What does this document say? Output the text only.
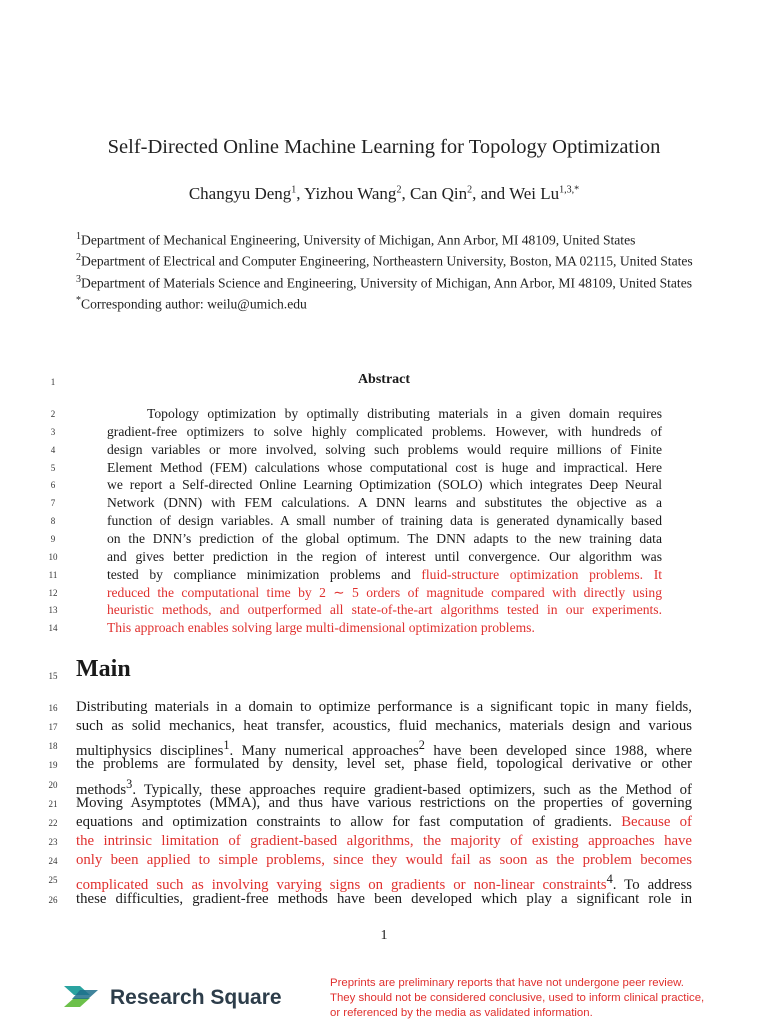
Self-Directed Online Machine Learning for Topology Optimization
Changyu Deng$^1$, Yizhou Wang$^2$, Can Qin$^2$, and Wei $Lu^{1,3,*}$

$^1$Department of Mechanical Engineering, University of Michigan, Ann Arbor, MI 48109, United States

$^2$Department of Electrical and Computer Engineering, Northeastern University, Boston, MA 02115, United States

$^3$Department of Materials Science and Engineering, University of Michigan, Ann Arbor, MI 48109, United States

*Corresponding author: weilu@umich.edu

1	Abstract
2	Topology optimization by optimally distributing materials in a given domain requires
3	gradient-free optimizers to solve highly complicated problems. However, with hundreds of
4	design variables or more involved, solving such problems would require millions of Finite
5	Element Method (FEM) calculations whose computational cost is huge and impractical. Here
6	we report a Self-directed Online Learning Optimization (SOLO) which integrates Deep Neural
7	Network (DNN) with FEM calculations. A DNN learns and substitutes the objective as a
8	function of design variables. A small number of training data is generated dynamically based
9	on the DNN’s prediction of the global optimum. The DNN adapts to the new training data
10	and gives better prediction in the region of interest until convergence. Our algorithm was
11	tested by compliance minimization problems and fluid-structure optimization problems. It
12	reduced the computational time by 2 ∼ 5 orders of magnitude compared with directly using
13	heuristic methods, and outperformed all state-of-the-art algorithms tested in our experiments.
14	This approach enables solving large multi-dimensional optimization problems.
15 Main
16	Distributing materials in a domain to optimize performance is a significant topic in many fields,
17	such as solid mechanics, heat transfer, acoustics, fluid mechanics, materials design and various
18	multiphysics disciplines$^1$. Many numerical approaches$^2$ have been developed since 1988, where
19	the problems are formulated by density, level set, phase field, topological derivative or other
20	methods$^3$. Typically, these approaches require gradient-based optimizers, such as the Method of
21	Moving Asymptotes (MMA), and thus have various restrictions on the properties of governing
22	equations and optimization constraints to allow for fast computation of gradients. Because of
23	the intrinsic limitation of gradient-based algorithms, the majority of existing approaches have
24	only been applied to simple problems, since they would fail as soon as the problem becomes
25	complicated such as involving varying signs on gradients or non-linear constraints$^4$. To address
26	these difficulties, gradient-free methods have been developed which play a significant role in
1
Research Square
Preprints are preliminary reports that have not undergone peer review.
They should not be considered conclusive, used to inform clinical practice,
or referenced by the media as validated information.
